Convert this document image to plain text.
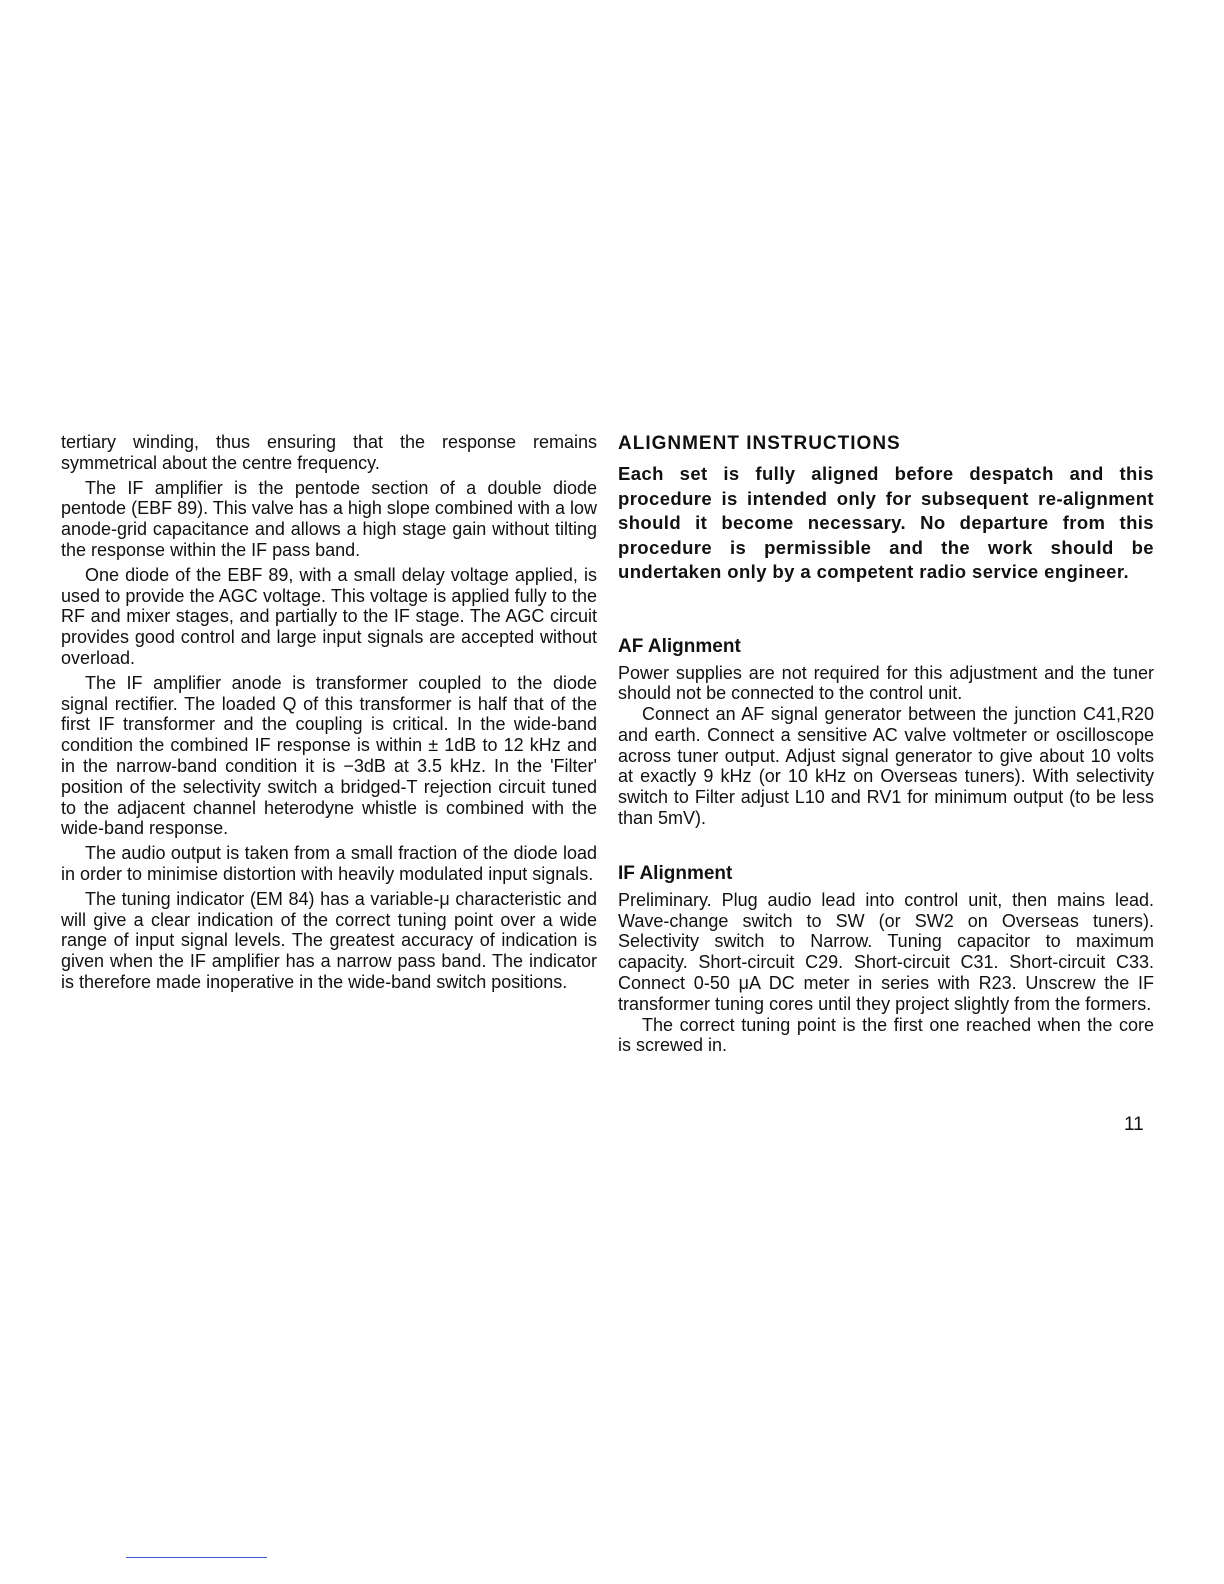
tertiary winding, thus ensuring that the response remains symmetrical about the centre frequency.

The IF amplifier is the pentode section of a double diode pentode (EBF 89). This valve has a high slope combined with a low anode-grid capacitance and allows a high stage gain without tilting the response within the IF pass band.

One diode of the EBF 89, with a small delay voltage applied, is used to provide the AGC voltage. This voltage is applied fully to the RF and mixer stages, and partially to the IF stage. The AGC circuit provides good control and large input signals are accepted without overload.

The IF amplifier anode is transformer coupled to the diode signal rectifier. The loaded Q of this transformer is half that of the first IF transformer and the coupling is critical. In the wide-band condition the combined IF response is within ± 1dB to 12 kHz and in the narrow-band condition it is −3dB at 3.5 kHz. In the 'Filter' position of the selectivity switch a bridged-T rejection circuit tuned to the adjacent channel heterodyne whistle is combined with the wide-band response.

The audio output is taken from a small fraction of the diode load in order to minimise distortion with heavily modulated input signals.

The tuning indicator (EM 84) has a variable-μ characteristic and will give a clear indication of the correct tuning point over a wide range of input signal levels. The greatest accuracy of indication is given when the IF amplifier has a narrow pass band. The indicator is therefore made inoperative in the wide-band switch positions.

ALIGNMENT INSTRUCTIONS

Each set is fully aligned before despatch and this procedure is intended only for subsequent re-alignment should it become necessary. No departure from this procedure is permissible and the work should be undertaken only by a competent radio service engineer.

AF Alignment

Power supplies are not required for this adjustment and the tuner should not be connected to the control unit.

Connect an AF signal generator between the junction C41,R20 and earth. Connect a sensitive AC valve voltmeter or oscilloscope across tuner output. Adjust signal generator to give about 10 volts at exactly 9 kHz (or 10 kHz on Overseas tuners). With selectivity switch to Filter adjust L10 and RV1 for minimum output (to be less than 5mV).

IF Alignment

Preliminary. Plug audio lead into control unit, then mains lead. Wave-change switch to SW (or SW2 on Overseas tuners). Selectivity switch to Narrow. Tuning capacitor to maximum capacity. Short-circuit C29. Short-circuit C31. Short-circuit C33. Connect 0-50 μA DC meter in series with R23. Unscrew the IF transformer tuning cores until they project slightly from the formers.

The correct tuning point is the first one reached when the core is screwed in.

11
